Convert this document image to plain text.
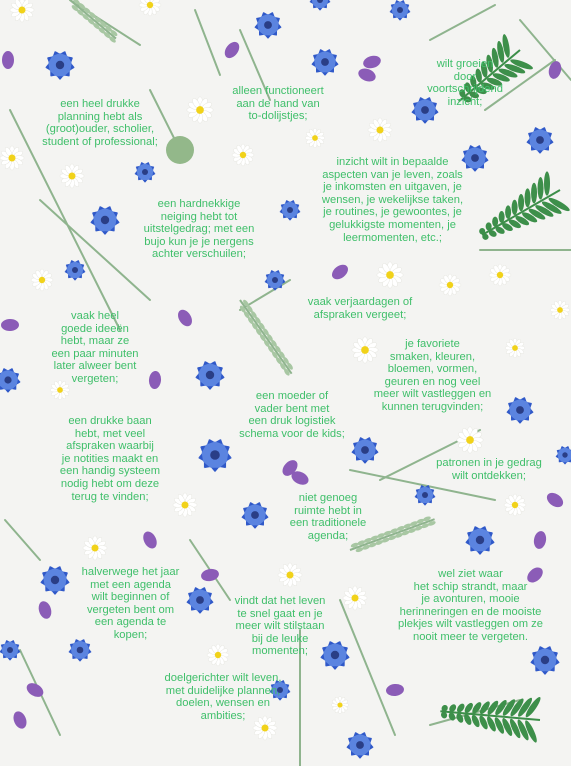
een heel drukke
planning hebt als
(groot)ouder, scholier,
student of professional;

alleen functioneert
aan de hand van
to-dolijstjes;

wilt groeien
door
voortschrijdend
inzicht;

inzicht wilt in bepaalde
aspecten van je leven, zoals
je inkomsten en uitgaven, je
wensen, je wekelijkse taken,
je routines, je gewoontes, je
gelukkigste momenten, je
leermomenten, etc.;

een hardnekkige
neiging hebt tot
uitstelgedrag; met een
bujo kun je je nergens
achter verschuilen;

vaak verjaardagen of
afspraken vergeet;

vaak heel
goede ideeën
hebt, maar ze
een paar minuten
later alweer bent
vergeten;

je favoriete
smaken, kleuren,
bloemen, vormen,
geuren en nog veel
meer wilt vastleggen en
kunnen terugvinden;

een moeder of
vader bent met
een druk logistiek
schema voor de kids;

een drukke baan
hebt, met veel
afspraken waarbij
je notities maakt en
een handig systeem
nodig hebt om deze
terug te vinden;

patronen in je gedrag
wilt ontdekken;

niet genoeg
ruimte hebt in
een traditionele
agenda;

halverwege het jaar
met een agenda
wilt beginnen of
vergeten bent om
een agenda te
kopen;

wel ziet waar
het schip strandt, maar
je avonturen, mooie
herinneringen en de mooiste
plekjes wilt vastleggen om ze
nooit meer te vergeten.

vindt dat het leven
te snel gaat en je
meer wilt stilstaan
bij de leuke
momenten;

doelgerichter wilt leven,
met duidelijke plannen,
doelen, wensen en
ambities;
